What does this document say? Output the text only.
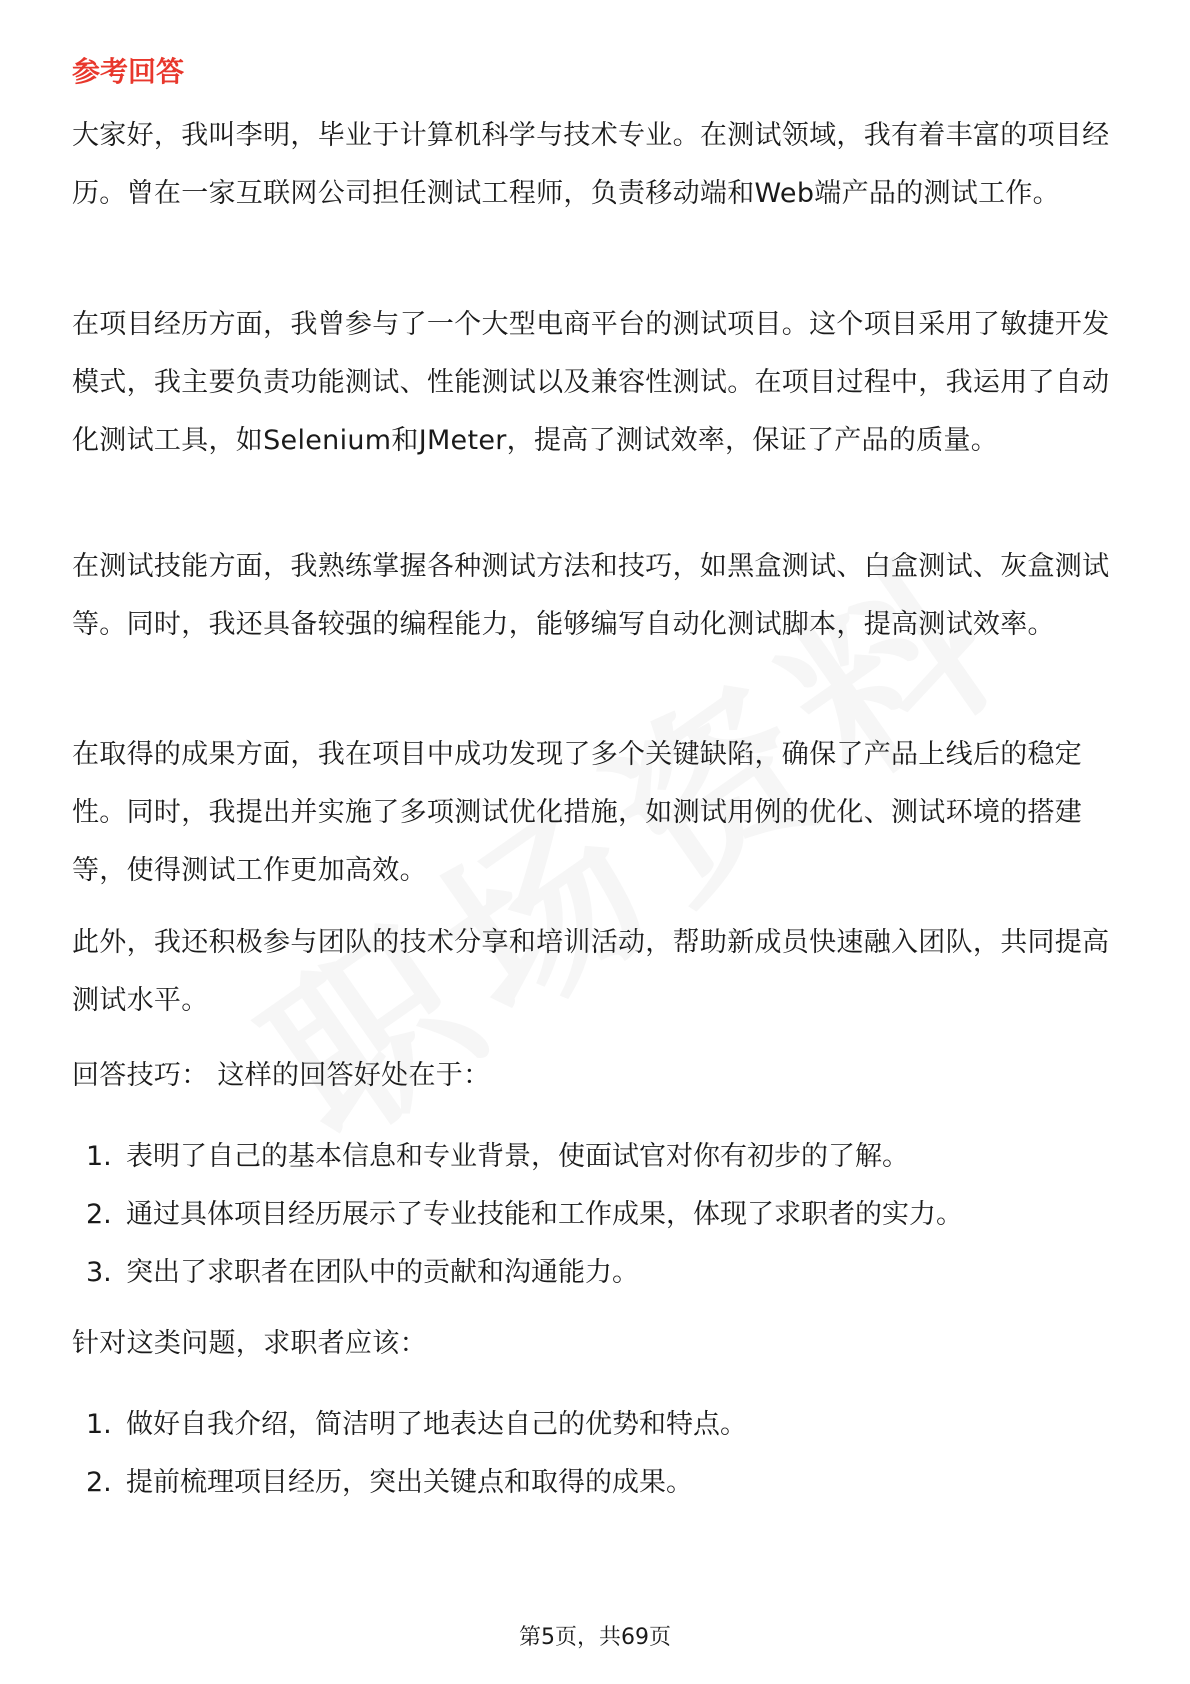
参考回答

大家好，我叫李明，毕业于计算机科学与技术专业。在测试领域，我有着丰富的项目经历。曾在一家互联网公司担任测试工程师，负责移动端和Web端产品的测试工作。

在项目经历方面，我曾参与了一个大型电商平台的测试项目。这个项目采用了敏捷开发模式，我主要负责功能测试、性能测试以及兼容性测试。在项目过程中，我运用了自动化测试工具，如Selenium和JMeter，提高了测试效率，保证了产品的质量。

在测试技能方面，我熟练掌握各种测试方法和技巧，如黑盒测试、白盒测试、灰盒测试等。同时，我还具备较强的编程能力，能够编写自动化测试脚本，提高测试效率。

在取得的成果方面，我在项目中成功发现了多个关键缺陷，确保了产品上线后的稳定性。同时，我提出并实施了多项测试优化措施，如测试用例的优化、测试环境的搭建等，使得测试工作更加高效。

此外，我还积极参与团队的技术分享和培训活动，帮助新成员快速融入团队，共同提高测试水平。

回答技巧： 这样的回答好处在于：

1. 表明了自己的基本信息和专业背景，使面试官对你有初步的了解。
2. 通过具体项目经历展示了专业技能和工作成果，体现了求职者的实力。
3. 突出了求职者在团队中的贡献和沟通能力。

针对这类问题，求职者应该：

1. 做好自我介绍，简洁明了地表达自己的优势和特点。
2. 提前梳理项目经历，突出关键点和取得的成果。
第5页，共69页
